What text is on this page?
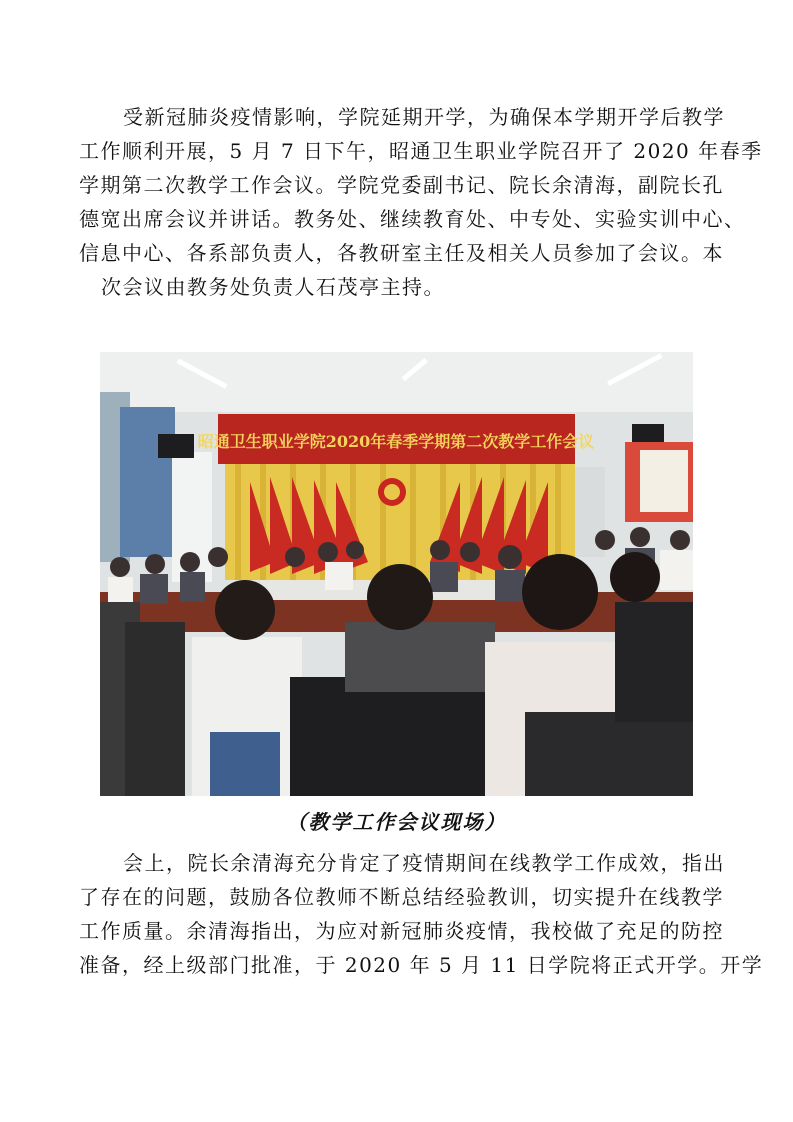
受新冠肺炎疫情影响，学院延期开学，为确保本学期开学后教学
工作顺利开展，5 月 7 日下午，昭通卫生职业学院召开了 2020 年春季
学期第二次教学工作会议。学院党委副书记、院长余清海，副院长孔
德宽出席会议并讲话。教务处、继续教育处、中专处、实验实训中心、
信息中心、各系部负责人，各教研室主任及相关人员参加了会议。本
次会议由教务处负责人石茂亭主持。
昭通卫生职业学院2020年春季学期第二次教学工作会议

（教学工作会议现场）

会上，院长余清海充分肯定了疫情期间在线教学工作成效，指出
了存在的问题，鼓励各位教师不断总结经验教训，切实提升在线教学
工作质量。余清海指出，为应对新冠肺炎疫情，我校做了充足的防控
准备，经上级部门批准，于 2020 年 5 月 11 日学院将正式开学。开学
